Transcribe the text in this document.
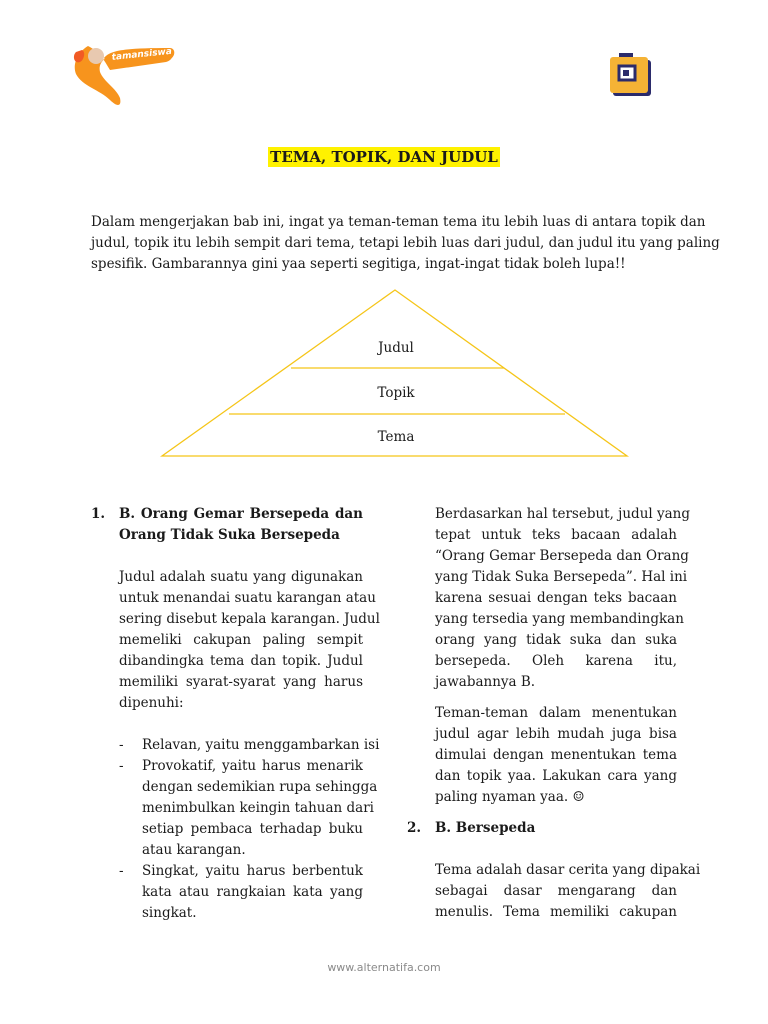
tamansiswa
TEMA, TOPIK, DAN JUDUL
Dalam mengerjakan bab ini, ingat ya teman-teman tema itu lebih luas di antara topik dan
judul, topik itu lebih sempit dari tema, tetapi lebih luas dari judul, dan judul itu yang paling
spesifik. Gambarannya gini yaa seperti segitiga, ingat-ingat tidak boleh lupa!!
Judul
Topik
Tema
1. B. Orang Gemar Bersepeda dan
Orang Tidak Suka Bersepeda
Judul adalah suatu yang digunakan
untuk menandai suatu karangan atau
sering disebut kepala karangan. Judul
memeliki cakupan paling sempit
dibandingka tema dan topik. Judul
memiliki syarat-syarat yang harus
dipenuhi:
- Relavan, yaitu menggambarkan isi
- Provokatif, yaitu harus menarik
dengan sedemikian rupa sehingga
menimbulkan keingin tahuan dari
setiap pembaca terhadap buku
atau karangan.
- Singkat, yaitu harus berbentuk
kata atau rangkaian kata yang
singkat.
Berdasarkan hal tersebut, judul yang
tepat untuk teks bacaan adalah
“Orang Gemar Bersepeda dan Orang
yang Tidak Suka Bersepeda”. Hal ini
karena sesuai dengan teks bacaan
yang tersedia yang membandingkan
orang yang tidak suka dan suka
bersepeda. Oleh karena itu,
jawabannya B.
Teman-teman dalam menentukan
judul agar lebih mudah juga bisa
dimulai dengan menentukan tema
dan topik yaa. Lakukan cara yang
paling nyaman yaa. ☺
2. B. Bersepeda
Tema adalah dasar cerita yang dipakai
sebagai dasar mengarang dan
menulis. Tema memiliki cakupan
www.alternatifa.com
